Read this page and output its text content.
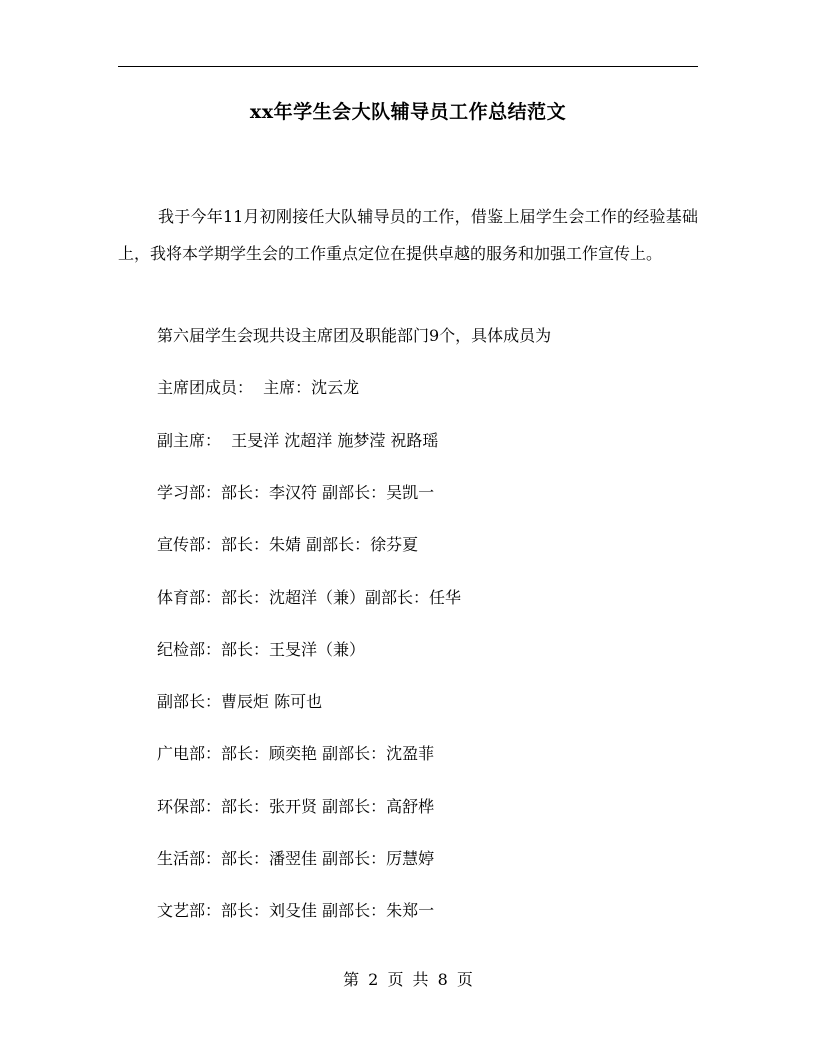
xx年学生会大队辅导员工作总结范文
我于今年11月初刚接任大队辅导员的工作，借鉴上届学生会工作的经验基础上，我将本学期学生会的工作重点定位在提供卓越的服务和加强工作宣传上。
第六届学生会现共设主席团及职能部门9个，具体成员为
主席团成员：  主席：沈云龙
副主席：  王旻洋 沈超洋 施梦滢 祝路瑶
学习部：部长：李汉符 副部长：吴凯一
宣传部：部长：朱婧 副部长：徐芬夏
体育部：部长：沈超洋（兼）副部长：任华
纪检部：部长：王旻洋（兼）
副部长：曹辰炬 陈可也
广电部：部长：顾奕艳 副部长：沈盈菲
环保部：部长：张开贤 副部长：高舒桦
生活部：部长：潘翌佳 副部长：厉慧婷
文艺部：部长：刘殳佳 副部长：朱郑一
第 2 页 共 8 页
